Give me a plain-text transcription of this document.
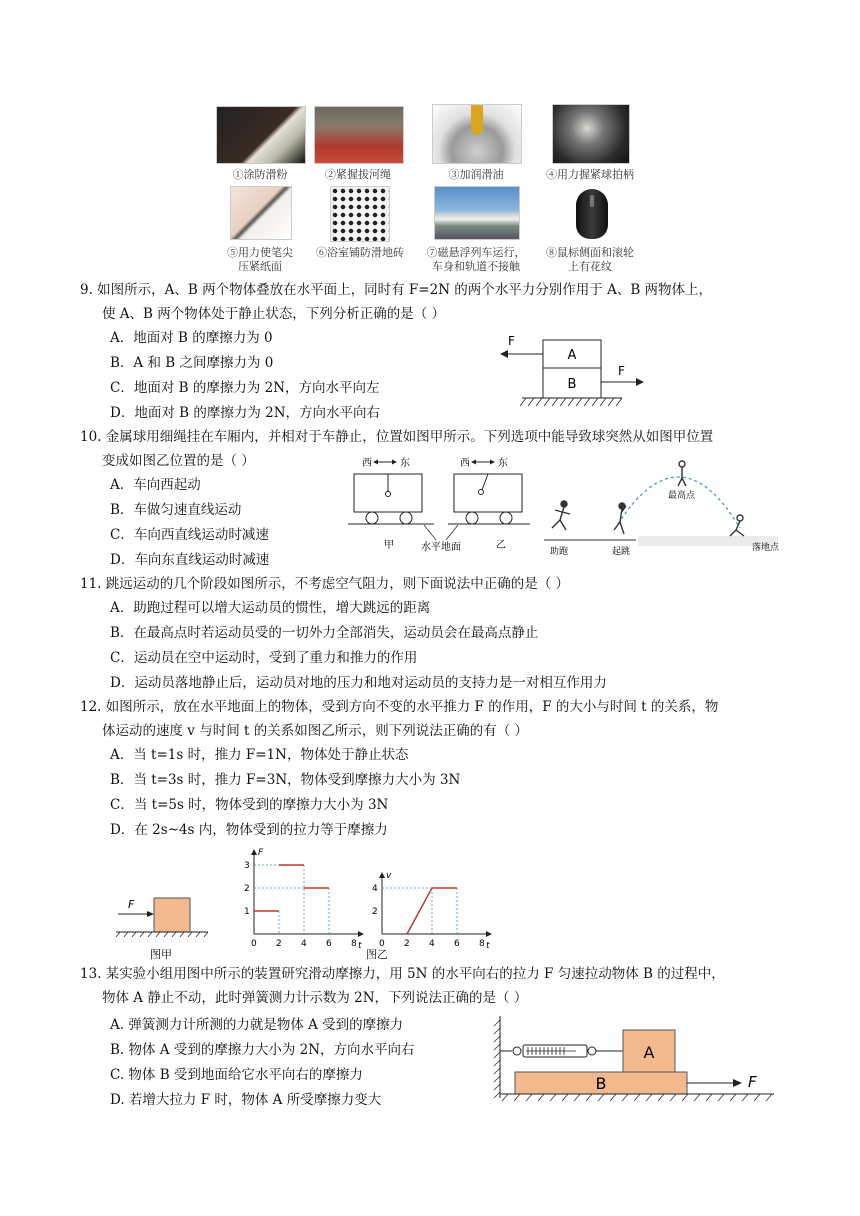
①涂防滑粉	②紧握拔河绳	③加润滑油	④用力握紧球拍柄
⑤用力使笔尖
压紧纸面
⑥浴室铺防滑地砖	⑦磁悬浮列车运行，
车身和轨道不接触
⑧鼠标侧面和滚轮
上有花纹
9. 如图所示，A、B 两个物体叠放在水平面上，同时有 F=2N 的两个水平力分别作用于 A、B 两物体上，
使 A、B 两个物体处于静止状态，下列分析正确的是（ ）
A．地面对 B 的摩擦力为 0
B．A 和 B 之间摩擦力为 0
C．地面对 B 的摩擦力为 2N，方向水平向左
D．地面对 B 的摩擦力为 2N，方向水平向右
A
B
F
F
10. 金属球用细绳挂在车厢内，并相对于车静止，位置如图甲所示。下列选项中能导致球突然从如图甲位置
变成如图乙位置的是（ ）
A．车向西起动
B．车做匀速直线运动
C．车向西直线运动时减速
D．车向东直线运动时减速
西	东
甲
西	东
乙
水平地面	助跑	起跳
最高点
落地点
11. 跳远运动的几个阶段如图所示，不考虑空气阻力，则下面说法中正确的是（ ）
A．助跑过程可以增大运动员的惯性，增大跳远的距离
B．在最高点时若运动员受的一切外力全部消失，运动员会在最高点静止
C．运动员在空中运动时，受到了重力和推力的作用
D．运动员落地静止后，运动员对地的压力和地对运动员的支持力是一对相互作用力
12. 如图所示，放在水平地面上的物体，受到方向不变的水平推力 F 的作用，F 的大小与时间 t 的关系，物
体运动的速度 v 与时间 t 的关系如图乙所示，则下列说法正确的有（ ）
A．当 t=1s 时，推力 F=1N，物体处于静止状态
B．当 t=3s 时，推力 F=3N，物体受到摩擦力大小为 3N
C．当 t=5s 时，物体受到的摩擦力大小为 3N
D．在 2s~4s 内，物体受到的拉力等于摩擦力
F
图甲
F
t
0 2 4 6 8
1
2
3
v
t
0 2 4 6 8
2
4
图乙
13. 某实验小组用图中所示的装置研究滑动摩擦力，用 5N 的水平向右的拉力 F 匀速拉动物体 B 的过程中，
物体 A 静止不动，此时弹簧测力计示数为 2N，下列说法正确的是（ ）
A. 弹簧测力计所测的力就是物体 A 受到的摩擦力
B. 物体 A 受到的摩擦力大小为 2N，方向水平向右
C. 物体 B 受到地面给它水平向右的摩擦力
D. 若增大拉力 F 时，物体 A 所受摩擦力变大
A
B	F
